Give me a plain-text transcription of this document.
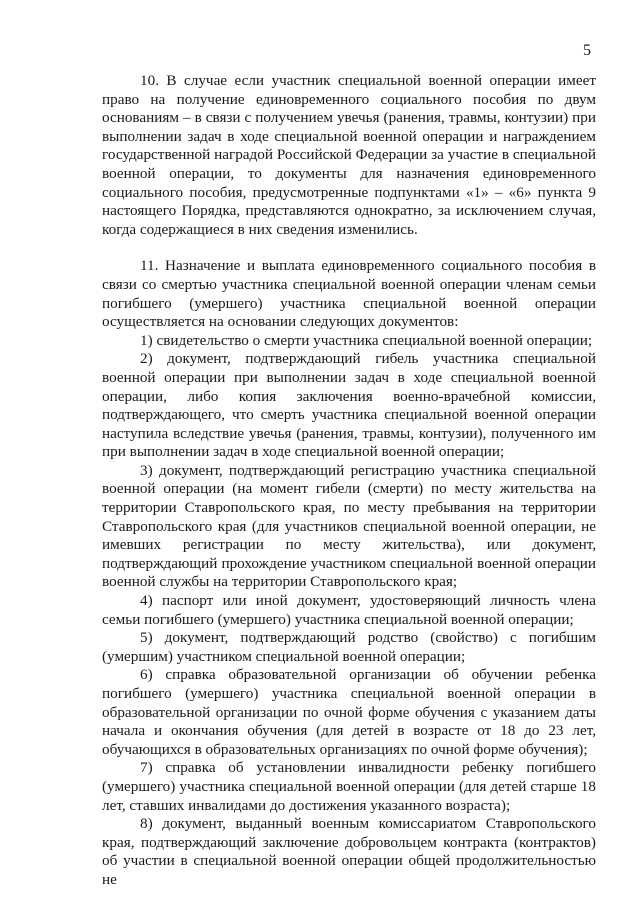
5

10. В случае если участник специальной военной операции имеет право на получение единовременного социального пособия по двум основаниям – в связи с получением увечья (ранения, травмы, контузии) при выполнении задач в ходе специальной военной операции и награждением государственной наградой Российской Федерации за участие в специальной военной операции, то документы для назначения единовременного социального пособия, предусмотренные подпунктами «1» – «6» пункта 9 настоящего Порядка, представляются однократно, за исключением случая, когда содержащиеся в них сведения изменились.

11. Назначение и выплата единовременного социального пособия в связи со смертью участника специальной военной операции членам семьи погибшего (умершего) участника специальной военной операции осуществляется на основании следующих документов:

1) свидетельство о смерти участника специальной военной операции;

2) документ, подтверждающий гибель участника специальной военной операции при выполнении задач в ходе специальной военной операции, либо копия заключения военно-врачебной комиссии, подтверждающего, что смерть участника специальной военной операции наступила вследствие увечья (ранения, травмы, контузии), полученного им при выполнении задач в ходе специальной военной операции;

3) документ, подтверждающий регистрацию участника специальной военной операции (на момент гибели (смерти) по месту жительства на территории Ставропольского края, по месту пребывания на территории Ставропольского края (для участников специальной военной операции, не имевших регистрации по месту жительства), или документ, подтверждающий прохождение участником специальной военной операции военной службы на территории Ставропольского края;

4) паспорт или иной документ, удостоверяющий личность члена семьи погибшего (умершего) участника специальной военной операции;

5) документ, подтверждающий родство (свойство) с погибшим (умершим) участником специальной военной операции;

6) справка образовательной организации об обучении ребенка погибшего (умершего) участника специальной военной операции в образовательной организации по очной форме обучения с указанием даты начала и окончания обучения (для детей в возрасте от 18 до 23 лет, обучающихся в образовательных организациях по очной форме обучения);

7) справка об установлении инвалидности ребенку погибшего (умершего) участника специальной военной операции (для детей старше 18 лет, ставших инвалидами до достижения указанного возраста);

8) документ, выданный военным комиссариатом Ставропольского края, подтверждающий заключение добровольцем контракта (контрактов) об участии в специальной военной операции общей продолжительностью не
